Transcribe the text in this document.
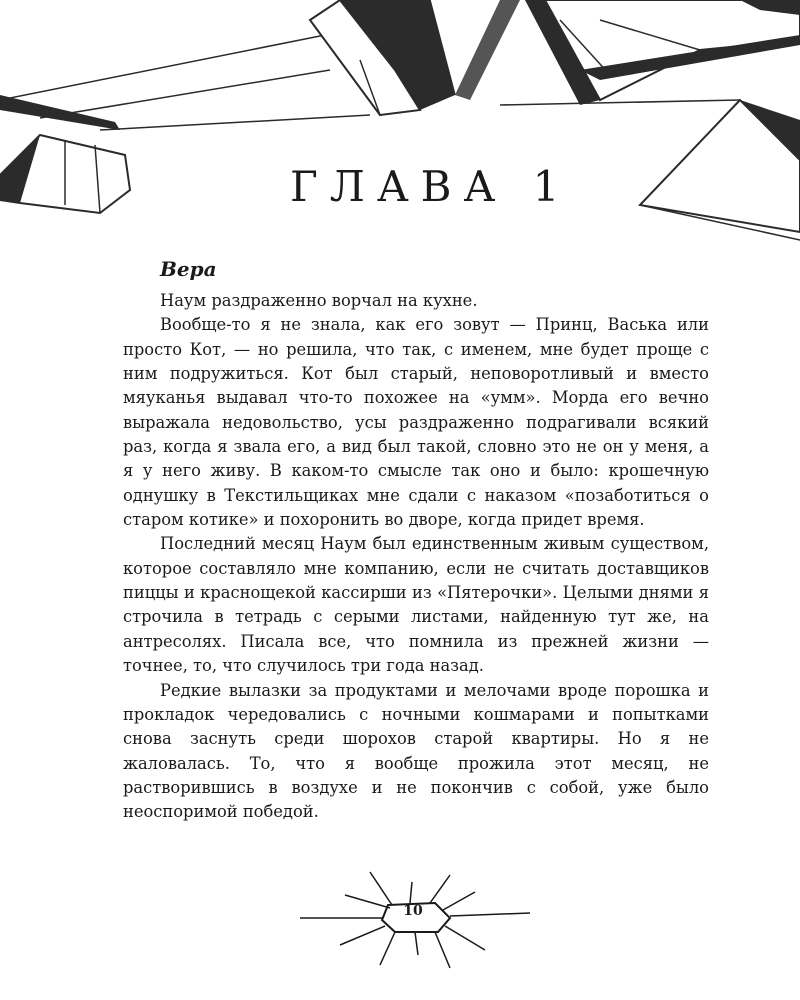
ГЛАВА 1
Вера

Наум раздраженно ворчал на кухне.

Вообще-то я не знала, как его зовут — Принц, Васька или просто Кот, — но решила, что так, с именем, мне будет проще с ним подружиться. Кот был старый, неповоротливый и вместо мяуканья выдавал что-то похожее на «умм». Морда его вечно выражала недовольство, усы раздраженно подрагивали всякий раз, когда я звала его, а вид был такой, словно это не он у меня, а я у него живу. В каком-то смысле так оно и было: крошечную однушку в Текстильщиках мне сдали с наказом «позаботиться о старом котике» и похоронить во дворе, когда придет время.

Последний месяц Наум был единственным живым существом, которое составляло мне компанию, если не считать доставщиков пиццы и краснощекой кассирши из «Пятерочки». Целыми днями я строчила в тетрадь с серыми листами, найденную тут же, на антресолях. Писала все, что помнила из прежней жизни — точнее, то, что случилось три года назад.

Редкие вылазки за продуктами и мелочами вроде порошка и прокладок чередовались с ночными кошмарами и попытками снова заснуть среди шорохов старой квартиры. Но я не жаловалась. То, что я вообще прожила этот месяц, не растворившись в воздухе и не покончив с собой, уже было неоспоримой победой.

10
